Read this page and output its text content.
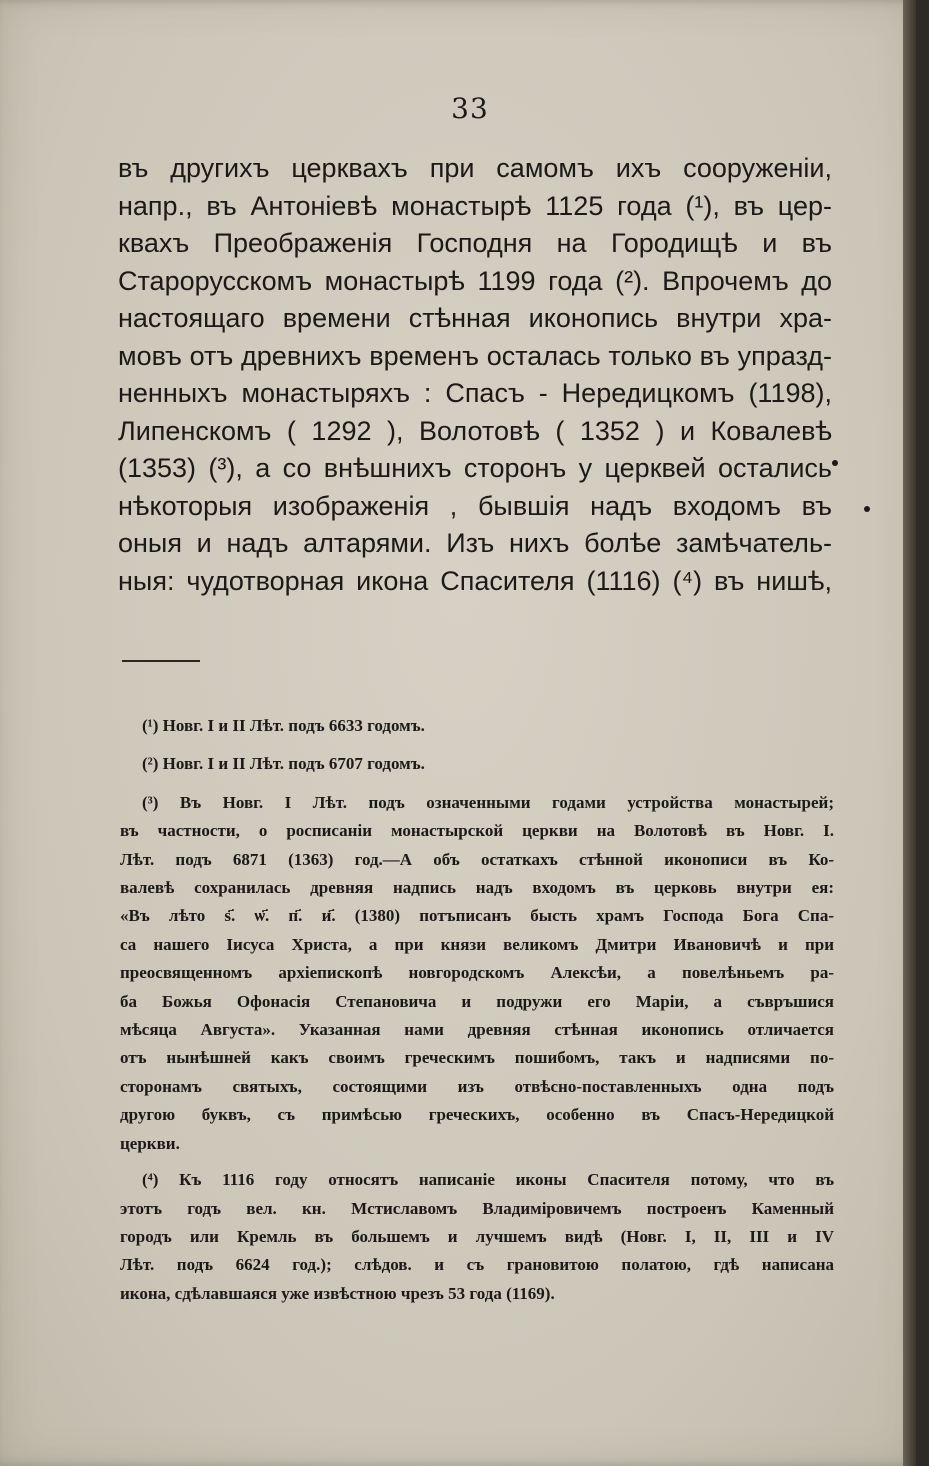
33
въ другихъ церквахъ при самомъ ихъ сооруженіи,
напр., въ Антоніевѣ монастырѣ 1125 года (¹), въ цер-
квахъ Преображенія Господня на Городищѣ и въ
Старорусскомъ монастырѣ 1199 года (²). Впрочемъ до
настоящаго времени стѣнная иконопись внутри хра-
мовъ отъ древнихъ временъ осталась только въ упразд-
ненныхъ монастыряхъ : Спасъ - Нередицкомъ (1198),
Липенскомъ ( 1292 ), Волотовѣ ( 1352 ) и Ковалевѣ
(1353) (³), а со внѣшнихъ сторонъ у церквей остались
нѣкоторыя изображенія , бывшія надъ входомъ въ
оныя и надъ алтарями. Изъ нихъ болѣе замѣчатель-
ныя: чудотворная икона Спасителя (1116) (⁴) въ нишѣ,
(¹) Новг. I и II Лѣт. подъ 6633 годомъ.
(²) Новг. I и II Лѣт. подъ 6707 годомъ.
(³) Въ Новг. I Лѣт. подъ означенными годами устройства монастырей;
въ частности, о росписаніи монастырской церкви на Волотовѣ въ Новг. I.
Лѣт. подъ 6871 (1363) год.—А объ остаткахъ стѣнной иконописи въ Ко-
валевѣ сохранилась древняя надпись надъ входомъ въ церковь внутри ея:
«Въ лѣто ѕ҃. ѡ҃. п҃. и҃. (1380) потъписанъ бысть храмъ Господа Бога Спа-
са нашего Іисуса Христа, а при князи великомъ Дмитри Ивановичѣ и при
преосвященномъ архіепископѣ новгородскомъ Алексѣи, а повелѣньемъ ра-
ба Божья Офонасія Степановича и подружи его Маріи, а съвръшися
мѣсяца Августа». Указанная нами древняя стѣнная иконопись отличается
отъ нынѣшней какъ своимъ греческимъ пошибомъ, такъ и надписями по-
сторонамъ святыхъ, состоящими изъ отвѣсно-поставленныхъ одна подъ
другою буквъ, съ примѣсью греческихъ, особенно въ Спасъ-Нередицкой
церкви.
(⁴) Къ 1116 году относятъ написаніе иконы Спасителя потому, что въ
этотъ годъ вел. кн. Мстиславомъ Владиміровичемъ построенъ Каменный
городъ или Кремль въ большемъ и лучшемъ видѣ (Новг. I, II, III и IV
Лѣт. подъ 6624 год.); слѣдов. и съ грановитою полатою, гдѣ написана
икона, сдѣлавшаяся уже извѣстною чрезъ 53 года (1169).
